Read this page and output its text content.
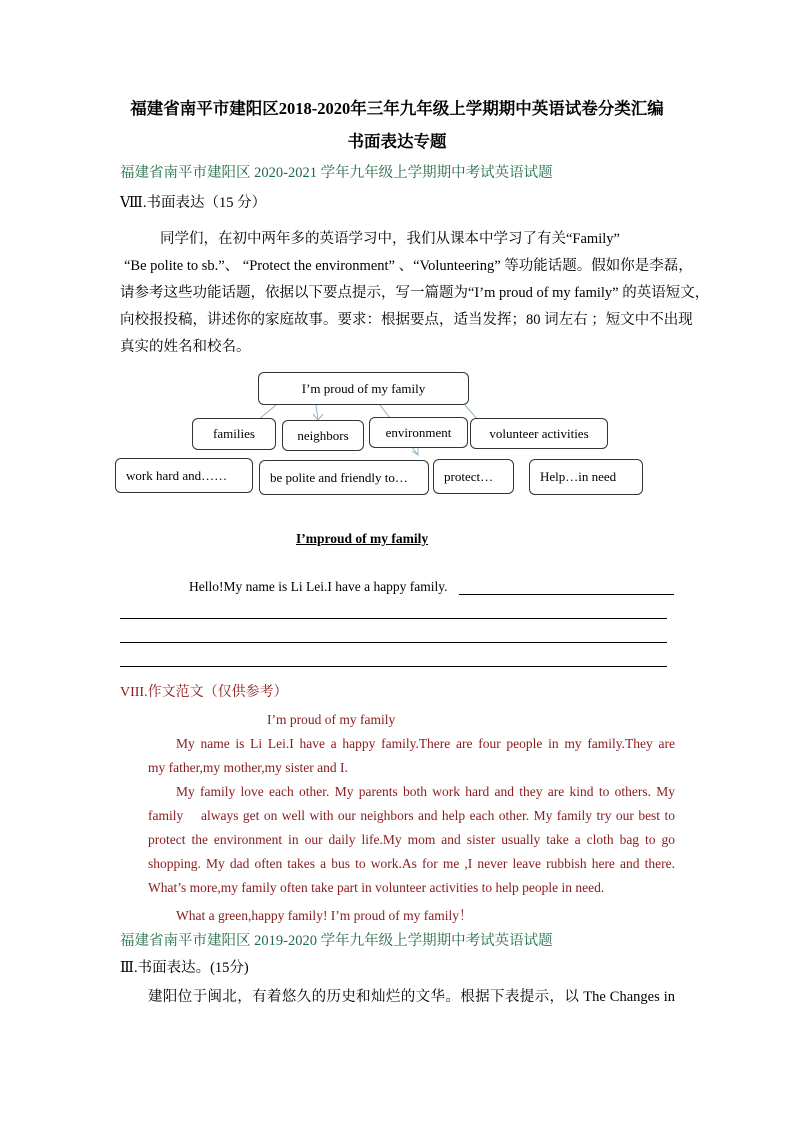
福建省南平市建阳区2018-2020年三年九年级上学期期中英语试卷分类汇编
书面表达专题
福建省南平市建阳区 2020-2021 学年九年级上学期期中考试英语试题
Ⅷ.书面表达（15 分）
同学们，在初中两年多的英语学习中，我们从课本中学习了有关“Family”
“Be polite to sb.”、 “Protect the environment” 、“Volunteering” 等功能话题。假如你是李磊，
请参考这些功能话题，依据以下要点提示，写一篇题为“I’m proud of my family” 的英语短文，
向校报投稿，讲述你的家庭故事。要求：根据要点，适当发挥；80 词左右 ；短文中不出现
真实的姓名和校名。
I’m proud of my family
families	neighbors	environment	volunteer activities
work hard and……	be polite and friendly to…	protect…	Help…in need
I’mproud of my family
Hello!My name is Li Lei.I have a happy family.
VIII.作文范文（仅供参考）
I’m proud of my family
My name is Li Lei.I have a happy family.There are four people in my family.They are
my father,my mother,my sister and I.
My family love each other. My parents both work hard and they are kind to others. My
family    always get on well with our neighbors and help each other. My family try our best to
protect the environment in our daily life.My mom and sister usually take a cloth bag to go
shopping. My dad often takes a bus to work.As for me ,I never leave rubbish here and there.
What’s more,my family often take part in volunteer activities to help people in need.
What a green,happy family! I’m proud of my family！
福建省南平市建阳区 2019-2020 学年九年级上学期期中考试英语试题
Ⅲ.书面表达。(15分)
建阳位于闽北，有着悠久的历史和灿烂的文华。根据下表提示，以 The Changes in
